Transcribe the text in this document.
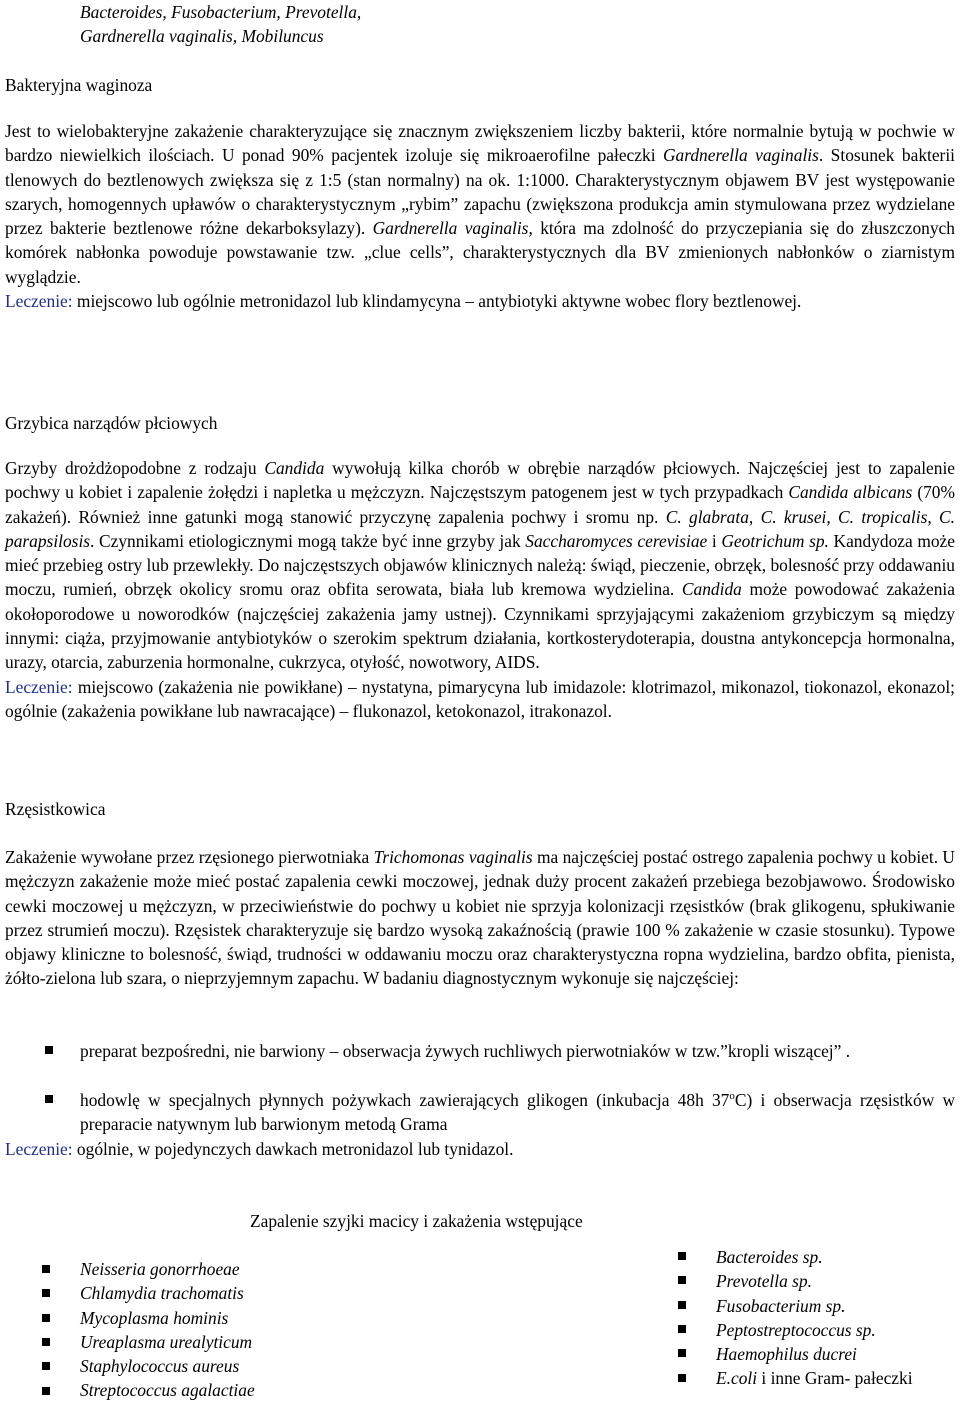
Bacteroides, Fusobacterium, Prevotella,
Gardnerella vaginalis, Mobiluncus
Bakteryjna waginoza
Jest to wielobakteryjne zakażenie charakteryzujące się znacznym zwiększeniem liczby bakterii, które normalnie bytują w pochwie w bardzo niewielkich ilościach. U ponad 90% pacjentek izoluje się mikroaerofilne pałeczki Gardnerella vaginalis. Stosunek bakterii tlenowych do beztlenowych zwiększa się z 1:5 (stan normalny) na ok. 1:1000. Charakterystycznym objawem BV jest występowanie szarych, homogennych upławów o charakterystycznym „rybim” zapachu (zwiększona produkcja amin stymulowana przez wydzielane przez bakterie beztlenowe różne dekarboksylazy). Gardnerella vaginalis, która ma zdolność do przyczepiania się do złuszczonych komórek nabłonka powoduje powstawanie tzw. „clue cells”, charakterystycznych dla BV zmienionych nabłonków o ziarnistym wyglądzie.
Leczenie: miejscowo lub ogólnie metronidazol lub klindamycyna – antybiotyki aktywne wobec flory beztlenowej.
Grzybica narządów płciowych
Grzyby drożdżopodobne z rodzaju Candida wywołują kilka chorób w obrębie narządów płciowych. Najczęściej jest to zapalenie pochwy u kobiet i zapalenie żołędzi i napletka u mężczyzn. Najczęstszym patogenem jest w tych przypadkach Candida albicans (70% zakażeń). Również inne gatunki mogą stanowić przyczynę zapalenia pochwy i sromu np. C. glabrata, C. krusei, C. tropicalis, C. parapsilosis. Czynnikami etiologicznymi mogą także być inne grzyby jak Saccharomyces cerevisiae i Geotrichum sp. Kandydoza może mieć przebieg ostry lub przewlekły. Do najczęstszych objawów klinicznych należą: świąd, pieczenie, obrzęk, bolesność przy oddawaniu moczu, rumień, obrzęk okolicy sromu oraz obfita serowata, biała lub kremowa wydzielina. Candida może powodować zakażenia okołoporodowe u noworodków (najczęściej zakażenia jamy ustnej). Czynnikami sprzyjającymi zakażeniom grzybiczym są między innymi: ciąża, przyjmowanie antybiotyków o szerokim spektrum działania, kortkosterydoterapia, doustna antykoncepcja hormonalna, urazy, otarcia, zaburzenia hormonalne, cukrzyca, otyłość, nowotwory, AIDS.
Leczenie: miejscowo (zakażenia nie powikłane) – nystatyna, pimarycyna lub imidazole: klotrimazol, mikonazol, tiokonazol, ekonazol; ogólnie (zakażenia powikłane lub nawracające) – flukonazol, ketokonazol, itrakonazol.
Rzęsistkowica
Zakażenie wywołane przez rzęsionego pierwotniaka Trichomonas vaginalis ma najczęściej postać ostrego zapalenia pochwy u kobiet. U mężczyzn zakażenie może mieć postać zapalenia cewki moczowej, jednak duży procent zakażeń przebiega bezobjawowo. Środowisko cewki moczowej u mężczyzn, w przeciwieństwie do pochwy u kobiet nie sprzyja kolonizacji rzęsistków (brak glikogenu, spłukiwanie przez strumień moczu). Rzęsistek charakteryzuje się bardzo wysoką zakaźnością (prawie 100 % zakażenie w czasie stosunku). Typowe objawy kliniczne to bolesność, świąd, trudności w oddawaniu moczu oraz charakterystyczna ropna wydzielina, bardzo obfita, pienista, żółto-zielona lub szara, o nieprzyjemnym zapachu. W badaniu diagnostycznym wykonuje się najczęściej:
preparat bezpośredni, nie barwiony – obserwacja żywych ruchliwych pierwotniaków w tzw.”kropli wiszącej” .
hodowlę w specjalnych płynnych pożywkach zawierających glikogen (inkubacja 48h 37$^o$C) i obserwacja rzęsistków w preparacie natywnym lub barwionym metodą Grama
Leczenie: ogólnie, w pojedynczych dawkach metronidazol lub tynidazol.
Zapalenie szyjki macicy i zakażenia wstępujące
Neisseria gonorrhoeae
Chlamydia trachomatis
Mycoplasma hominis
Ureaplasma urealyticum
Staphylococcus aureus
Streptococcus agalactiae
Bacteroides sp.
Prevotella sp.
Fusobacterium sp.
Peptostreptococcus sp.
Haemophilus ducrei
E.coli i inne Gram- pałeczki
